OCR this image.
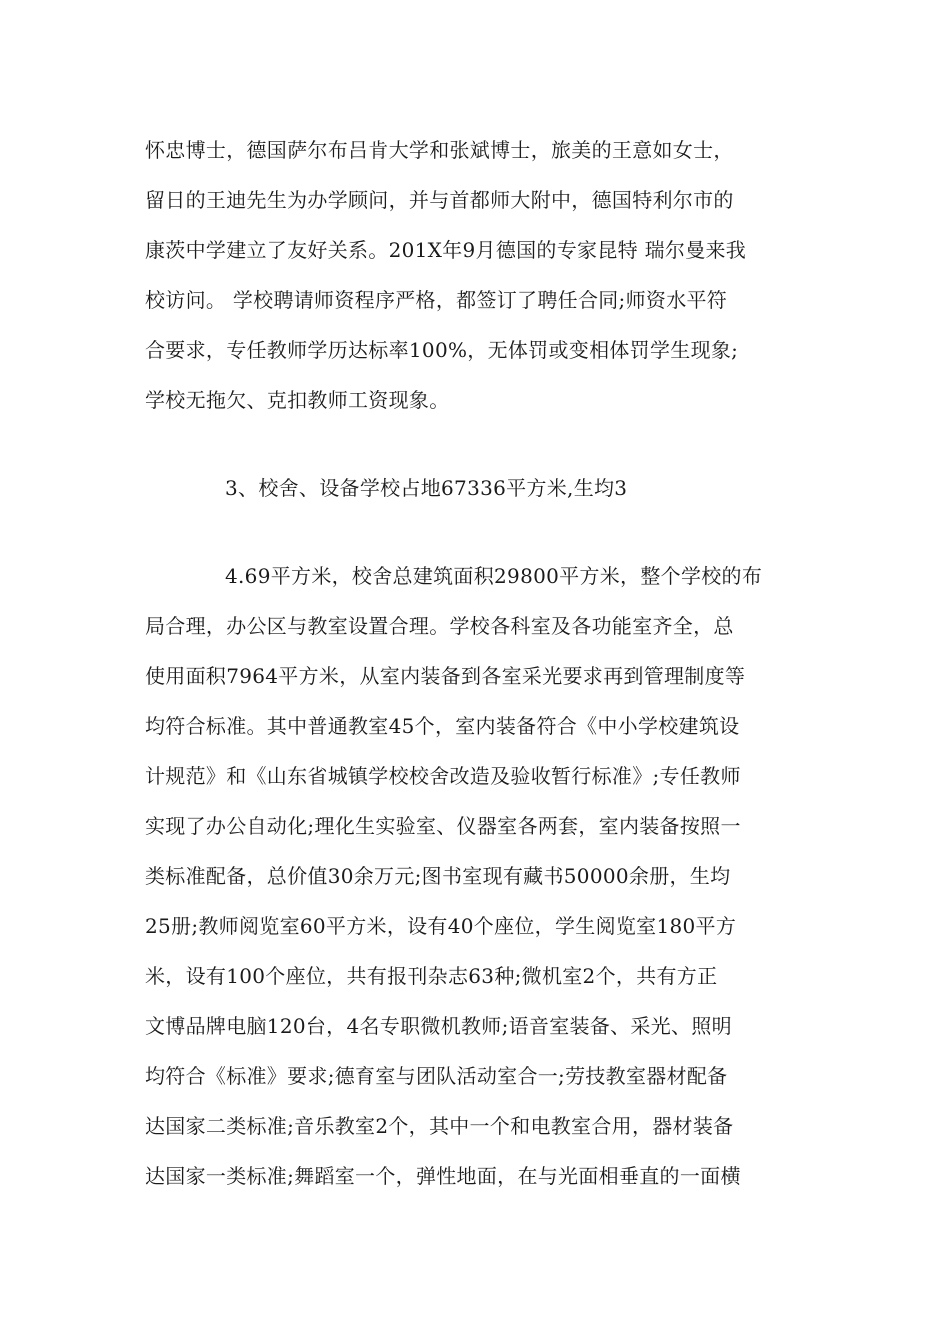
怀忠博士，德国萨尔布吕肯大学和张斌博士，旅美的王意如女士，
留日的王迪先生为办学顾问，并与首都师大附中，德国特利尔市的
康茨中学建立了友好关系。201X年9月德国的专家昆特 瑞尔曼来我
校访问。 学校聘请师资程序严格，都签订了聘任合同;师资水平符
合要求，专任教师学历达标率100%，无体罚或变相体罚学生现象;
学校无拖欠、克扣教师工资现象。
3、校舍、设备学校占地67336平方米,生均3
4.69平方米，校舍总建筑面积29800平方米，整个学校的布
局合理，办公区与教室设置合理。学校各科室及各功能室齐全，总
使用面积7964平方米，从室内装备到各室采光要求再到管理制度等
均符合标准。其中普通教室45个，室内装备符合《中小学校建筑设
计规范》和《山东省城镇学校校舍改造及验收暂行标准》;专任教师
实现了办公自动化;理化生实验室、仪器室各两套，室内装备按照一
类标准配备，总价值30余万元;图书室现有藏书50000余册，生均
25册;教师阅览室60平方米，设有40个座位，学生阅览室180平方
米，设有100个座位，共有报刊杂志63种;微机室2个，共有方正
文博品牌电脑120台，4名专职微机教师;语音室装备、采光、照明
均符合《标准》要求;德育室与团队活动室合一;劳技教室器材配备
达国家二类标准;音乐教室2个，其中一个和电教室合用，器材装备
达国家一类标准;舞蹈室一个，弹性地面，在与光面相垂直的一面横
